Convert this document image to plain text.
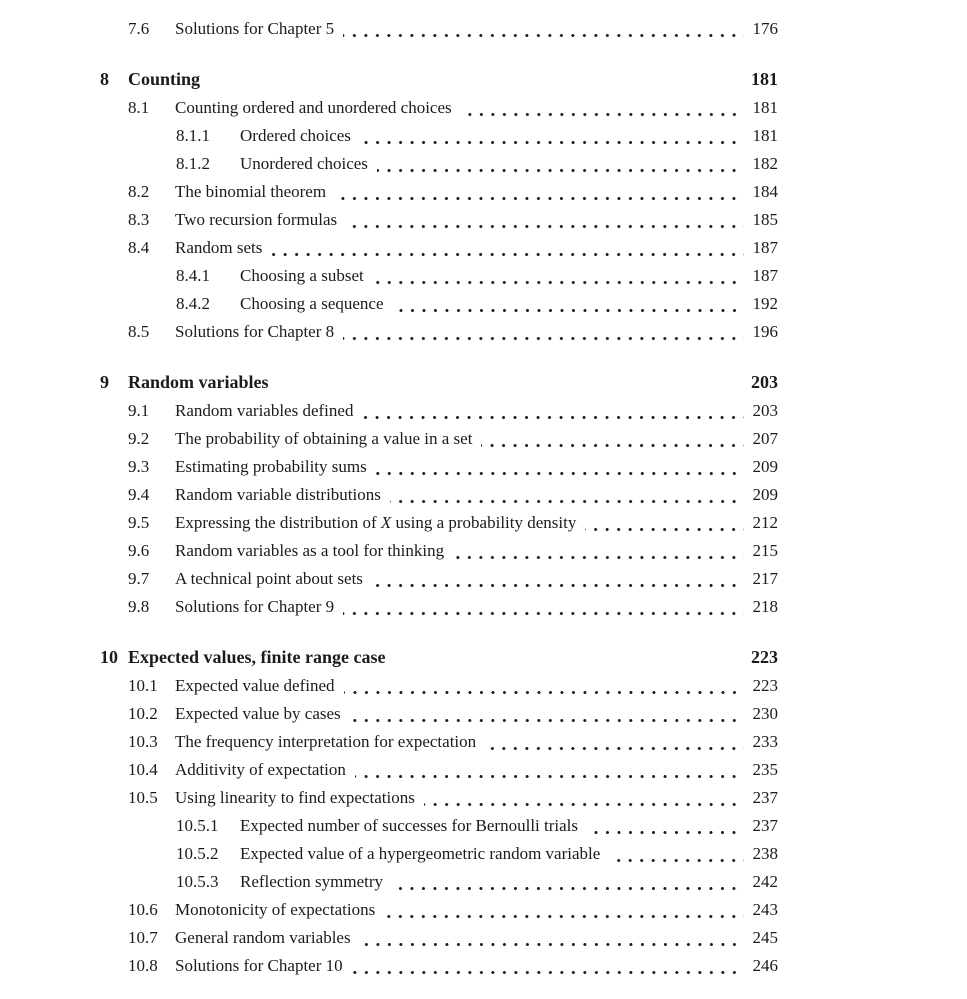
7.6	Solutions for Chapter 5	176
8	Counting	181
8.1	Counting ordered and unordered choices	181
8.1.1	Ordered choices	181
8.1.2	Unordered choices	182
8.2	The binomial theorem	184
8.3	Two recursion formulas	185
8.4	Random sets	187
8.4.1	Choosing a subset	187
8.4.2	Choosing a sequence	192
8.5	Solutions for Chapter 8	196
9	Random variables	203
9.1	Random variables defined	203
9.2	The probability of obtaining a value in a set	207
9.3	Estimating probability sums	209
9.4	Random variable distributions	209
9.5	Expressing the distribution of X using a probability density	212
9.6	Random variables as a tool for thinking	215
9.7	A technical point about sets	217
9.8	Solutions for Chapter 9	218
10 Expected values, finite range case	223
10.1	Expected value defined	223
10.2	Expected value by cases	230
10.3	The frequency interpretation for expectation	233
10.4	Additivity of expectation	235
10.5	Using linearity to find expectations	237
10.5.1	Expected number of successes for Bernoulli trials	237
10.5.2	Expected value of a hypergeometric random variable	238
10.5.3	Reflection symmetry	242
10.6	Monotonicity of expectations	243
10.7	General random variables	245
10.8	Solutions for Chapter 10	246
